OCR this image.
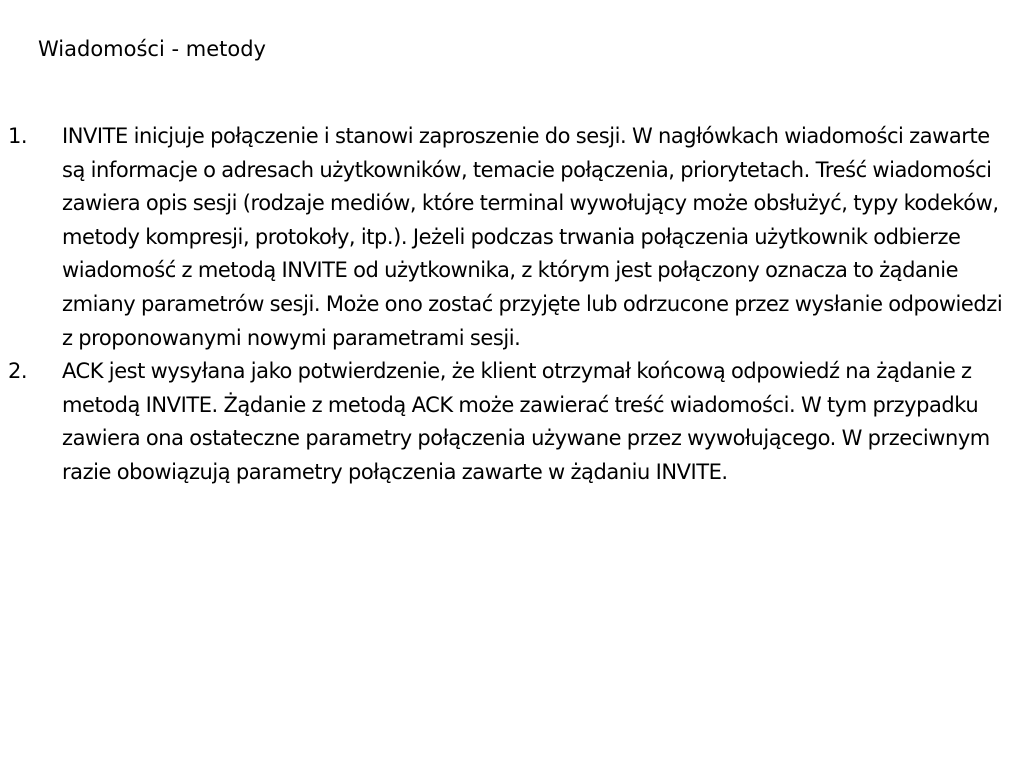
Wiadomości - metody
1.	INVITE inicjuje połączenie i stanowi zaproszenie do sesji. W nagłówkach wiadomości zawarte są informacje o adresach użytkowników, temacie połączenia, priorytetach. Treść wiadomości zawiera opis sesji (rodzaje mediów, które terminal wywołujący może obsłużyć, typy kodeków, metody kompresji, protokoły, itp.). Jeżeli podczas trwania połączenia użytkownik odbierze wiadomość z metodą INVITE od użytkownika, z którym jest połączony oznacza to żądanie zmiany parametrów sesji. Może ono zostać przyjęte lub odrzucone przez wysłanie odpowiedzi z proponowanymi nowymi parametrami sesji.
2.	ACK jest wysyłana jako potwierdzenie, że klient otrzymał końcową odpowiedź na żądanie z metodą INVITE. Żądanie z metodą ACK może zawierać treść wiadomości. W tym przypadku zawiera ona ostateczne parametry połączenia używane przez wywołującego. W przeciwnym razie obowiązują parametry połączenia zawarte w żądaniu INVITE.
